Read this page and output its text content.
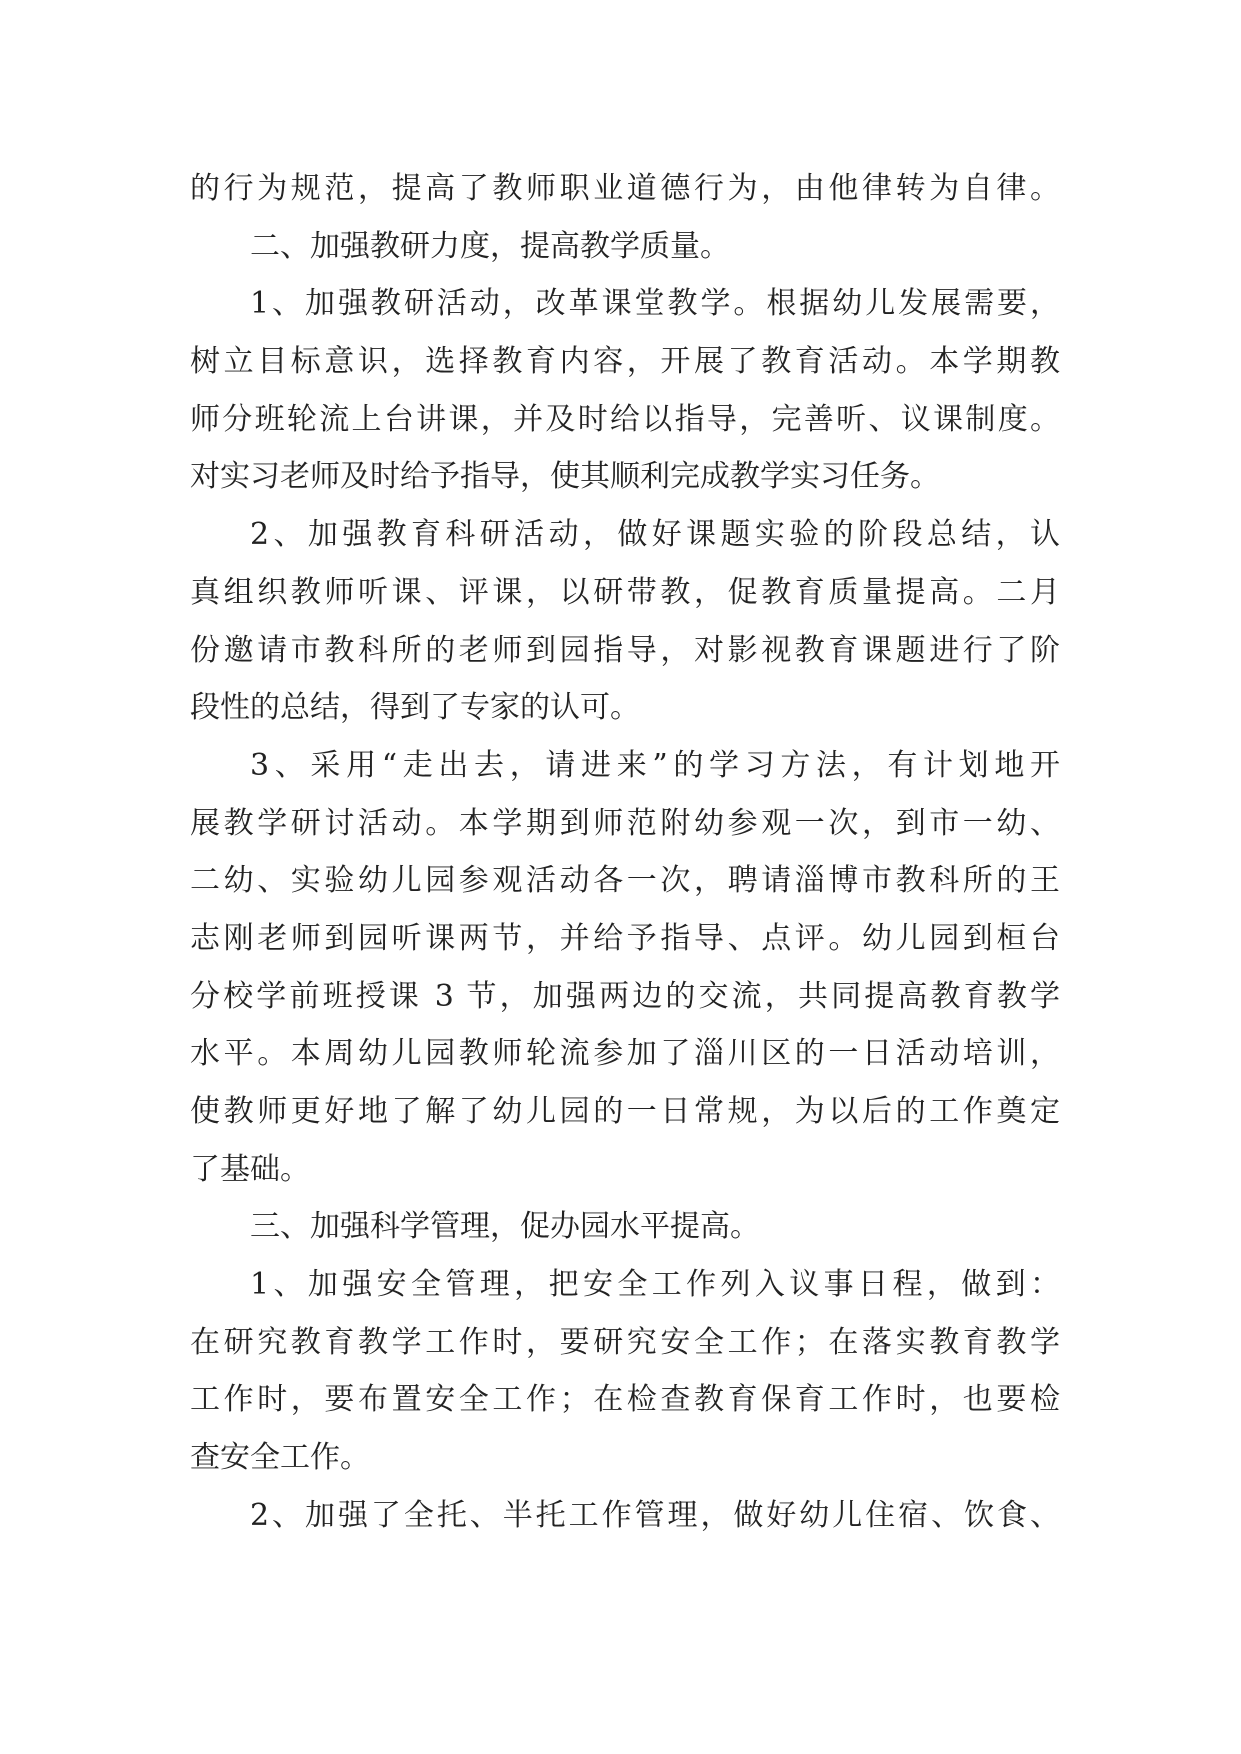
的行为规范，提高了教师职业道德行为，由他律转为自律。
二、加强教研力度，提高教学质量。
1、加强教研活动，改革课堂教学。根据幼儿发展需要，
树立目标意识，选择教育内容，开展了教育活动。本学期教
师分班轮流上台讲课，并及时给以指导，完善听、议课制度。
对实习老师及时给予指导，使其顺利完成教学实习任务。
2、加强教育科研活动，做好课题实验的阶段总结，认
真组织教师听课、评课，以研带教，促教育质量提高。二月
份邀请市教科所的老师到园指导，对影视教育课题进行了阶
段性的总结，得到了专家的认可。
3、采用“走出去，请进来”的学习方法，有计划地开
展教学研讨活动。本学期到师范附幼参观一次，到市一幼、
二幼、实验幼儿园参观活动各一次，聘请淄博市教科所的王
志刚老师到园听课两节，并给予指导、点评。幼儿园到桓台
分校学前班授课 3 节，加强两边的交流，共同提高教育教学
水平。本周幼儿园教师轮流参加了淄川区的一日活动培训，
使教师更好地了解了幼儿园的一日常规，为以后的工作奠定
了基础。
三、加强科学管理，促办园水平提高。
1、加强安全管理，把安全工作列入议事日程，做到：
在研究教育教学工作时，要研究安全工作；在落实教育教学
工作时，要布置安全工作；在检查教育保育工作时，也要检
查安全工作。
2、加强了全托、半托工作管理，做好幼儿住宿、饮食、
